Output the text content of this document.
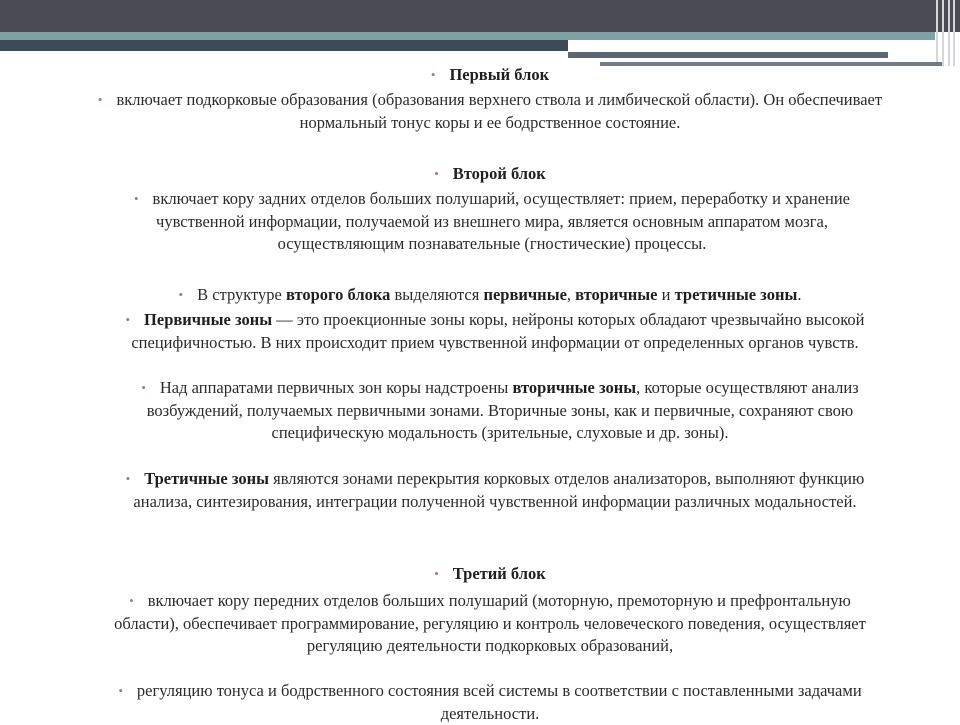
• Первый блок
• включает подкорковые образования (образования верхнего ствола и лимбической области). Он обеспечивает нормальный тонус коры и ее бодрственное состояние.
• Второй блок
• включает кору задних отделов больших полушарий, осуществляет: прием, переработку и хранение чувственной информации, получаемой из внешнего мира, является основным аппаратом мозга, осуществляющим познавательные (гностические) процессы.
• В структуре второго блока выделяются первичные, вторичные и третичные зоны.
• Первичные зоны — это проекционные зоны коры, нейроны которых обладают чрезвычайно высокой специфичностью. В них происходит прием чувственной информации от определенных органов чувств.
• Над аппаратами первичных зон коры надстроены вторичные зоны, которые осуществляют анализ возбуждений, получаемых первичными зонами. Вторичные зоны, как и первичные, сохраняют свою специфическую модальность (зрительные, слуховые и др. зоны).
• Третичные зоны являются зонами перекрытия корковых отделов анализаторов, выполняют функцию анализа, синтезирования, интеграции полученной чувственной информации различных модальностей.
• Третий блок
• включает кору передних отделов больших полушарий (моторную, премоторную и префронтальную области), обеспечивает программирование, регуляцию и контроль человеческого поведения, осуществляет регуляцию деятельности подкорковых образований,
• регуляцию тонуса и бодрственного состояния всей системы в соответствии с поставленными задачами деятельности.
